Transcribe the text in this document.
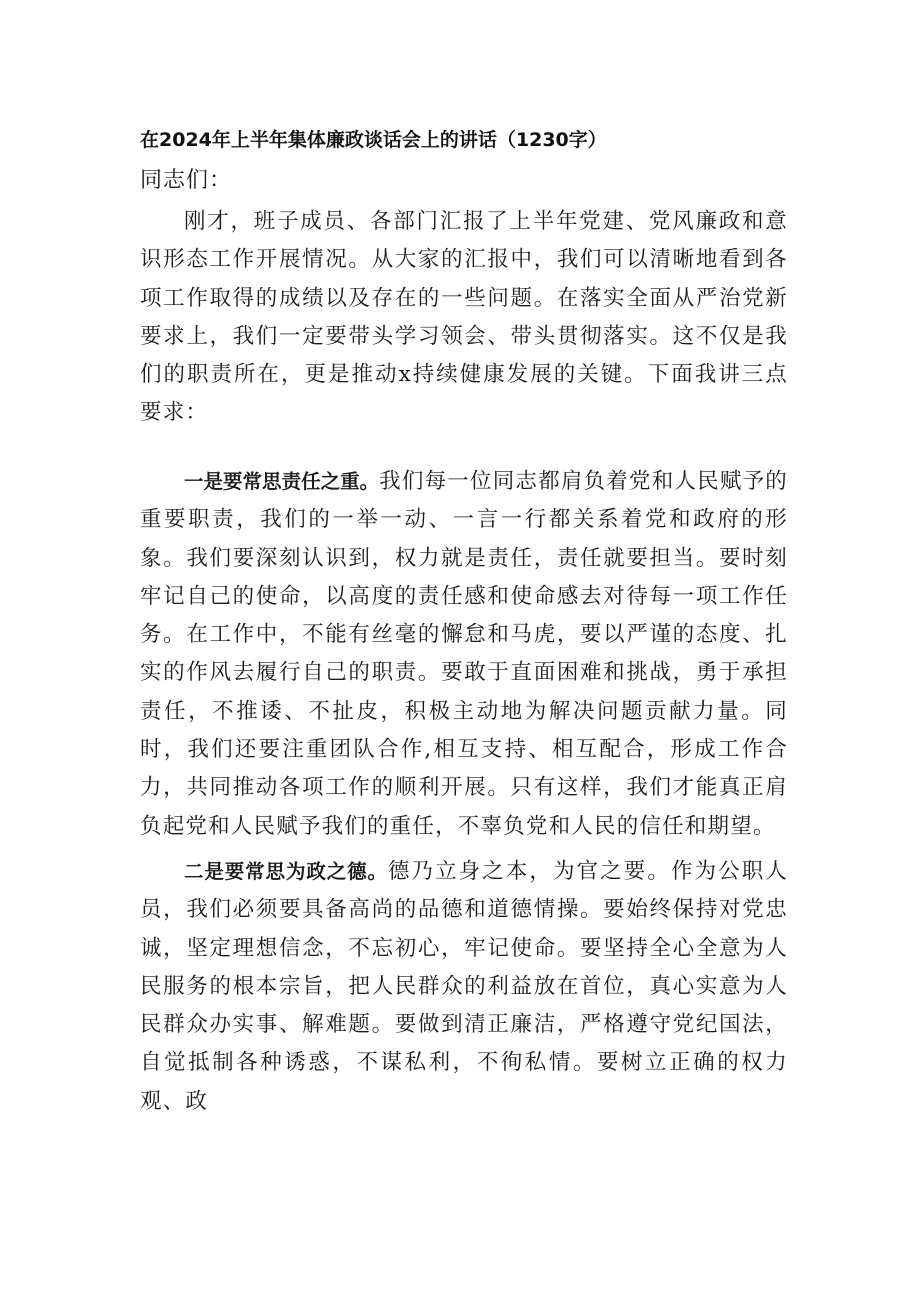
在2024年上半年集体廉政谈话会上的讲话（1230字）
同志们：

刚才，班子成员、各部门汇报了上半年党建、党风廉政和意识形态工作开展情况。从大家的汇报中，我们可以清晰地看到各项工作取得的成绩以及存在的一些问题。在落实全面从严治党新要求上，我们一定要带头学习领会、带头贯彻落实。这不仅是我们的职责所在，更是推动x持续健康发展的关键。下面我讲三点要求：

一是要常思责任之重。我们每一位同志都肩负着党和人民赋予的重要职责，我们的一举一动、一言一行都关系着党和政府的形象。我们要深刻认识到，权力就是责任，责任就要担当。要时刻牢记自己的使命，以高度的责任感和使命感去对待每一项工作任务。在工作中，不能有丝毫的懈怠和马虎，要以严谨的态度、扎实的作风去履行自己的职责。要敢于直面困难和挑战，勇于承担责任，不推诿、不扯皮，积极主动地为解决问题贡献力量。同时，我们还要注重团队合作,相互支持、相互配合，形成工作合力，共同推动各项工作的顺利开展。只有这样，我们才能真正肩负起党和人民赋予我们的重任，不辜负党和人民的信任和期望。

二是要常思为政之德。德乃立身之本，为官之要。作为公职人员，我们必须要具备高尚的品德和道德情操。要始终保持对党忠诚，坚定理想信念，不忘初心，牢记使命。要坚持全心全意为人民服务的根本宗旨，把人民群众的利益放在首位，真心实意为人民群众办实事、解难题。要做到清正廉洁，严格遵守党纪国法，自觉抵制各种诱惑，不谋私利，不徇私情。要树立正确的权力观、政
